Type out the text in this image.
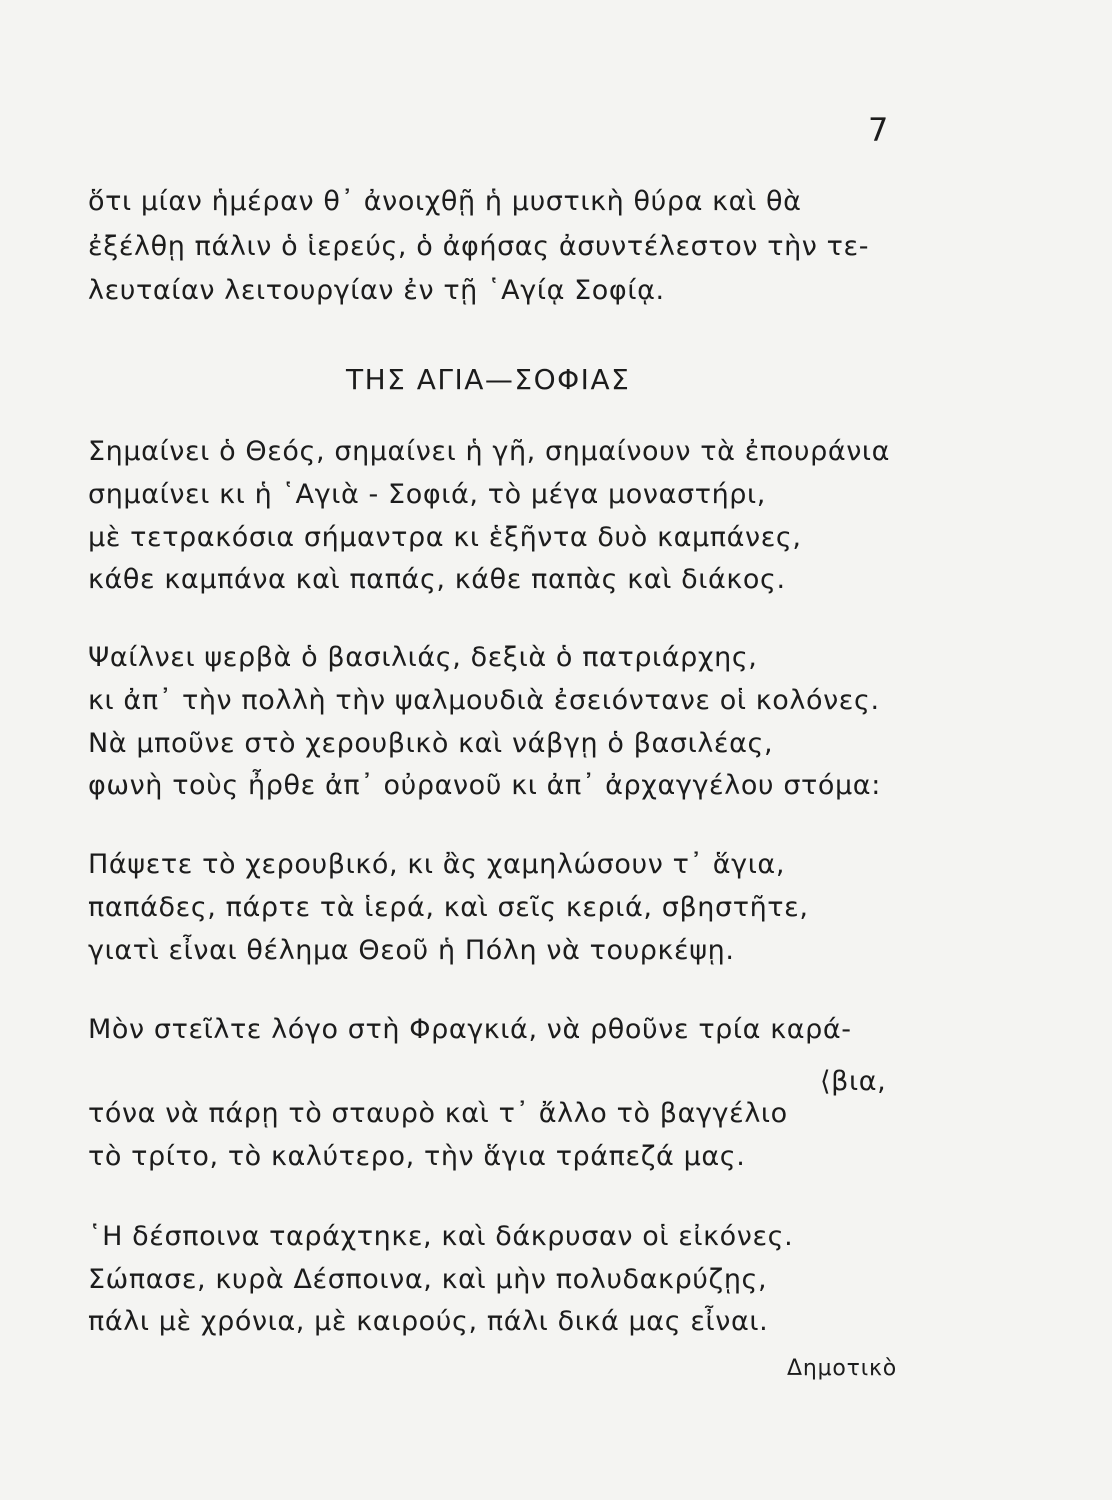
7
ὅτι μίαν ἡμέραν θ᾽ ἀνοιχθῇ ἡ μυστικὴ θύρα καὶ θὰ
ἐξέλθῃ πάλιν ὁ ἱερεύς, ὁ ἀφήσας ἀσυντέλεστον τὴν τε-
λευταίαν λειτουργίαν ἐν τῇ ῾Αγίᾳ Σοφίᾳ.
ΤΗΣ ΑΓΙΑ—ΣΟΦΙΑΣ
Σημαίνει ὁ Θεός, σημαίνει ἡ γῆ, σημαίνουν τὰ ἐπουράνια
σημαίνει κι ἡ ῾Αγιὰ - Σοφιά, τὸ μέγα μοναστήρι,
μὲ τετρακόσια σήμαντρα κι ἑξῆντα δυὸ καμπάνες,
κάθε καμπάνα καὶ παπάς, κάθε παπὰς καὶ διάκος.
Ψαίλνει ψερβὰ ὁ βασιλιάς, δεξιὰ ὁ πατριάρχης,
κι ἀπ᾽ τὴν πολλὴ τὴν ψαλμουδιὰ ἐσειόντανε οἱ κολόνες.
Νὰ μποῦνε στὸ χερουβικὸ καὶ νάβγῃ ὁ βασιλέας,
φωνὴ τοὺς ἦρθε ἀπ᾽ οὐρανοῦ κι ἀπ᾽ ἀρχαγγέλου στόμα:
Πάψετε τὸ χερουβικό, κι ἂς χαμηλώσουν τ᾽ ἅγια,
παπάδες, πάρτε τὰ ἱερά, καὶ σεῖς κεριά, σβηστῆτε,
γιατὶ εἶναι θέλημα Θεοῦ ἡ Πόλη νὰ τουρκέψῃ.
Μὸν στεῖλτε λόγο στὴ Φραγκιά, νὰ ρθοῦνε τρία καρά-
⟨βια,
τόνα νὰ πάρῃ τὸ σταυρὸ καὶ τ᾽ ἄλλο τὸ βαγγέλιο
τὸ τρίτο, τὸ καλύτερο, τὴν ἅγια τράπεζά μας.
῾Η δέσποινα ταράχτηκε, καὶ δάκρυσαν οἱ εἰκόνες.
Σώπασε, κυρὰ Δέσποινα, καὶ μὴν πολυδακρύζῃς,
πάλι μὲ χρόνια, μὲ καιρούς, πάλι δικά μας εἶναι.
Δημοτικὸ
